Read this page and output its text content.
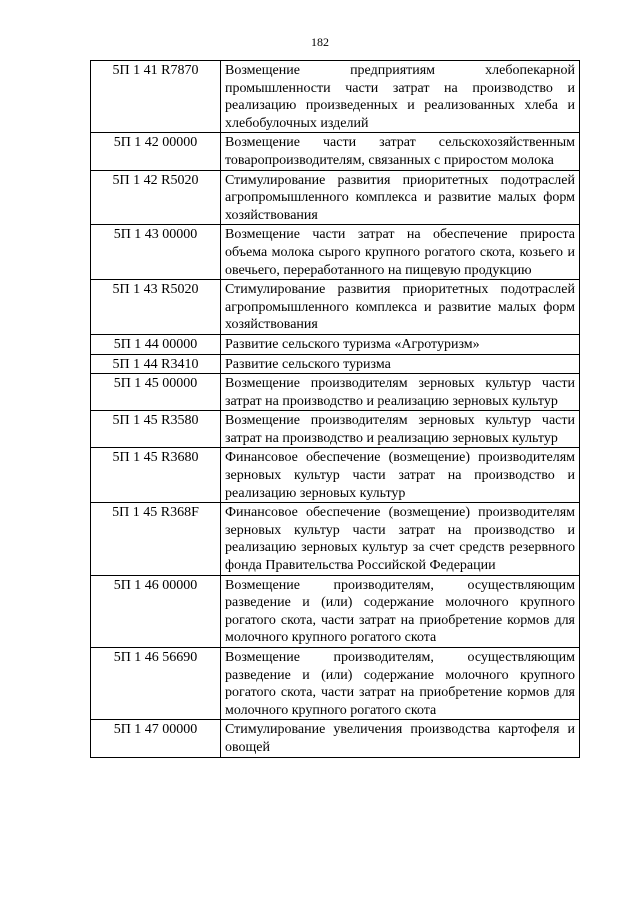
182
5П 1 41 R7870	Возмещение предприятиям хлебопекарной промышленности части затрат на производство и реализацию произведенных и реализованных хлеба и хлебобулочных изделий
5П 1 42 00000	Возмещение части затрат сельскохозяйственным товаропроизводителям, связанных с приростом молока
5П 1 42 R5020	Стимулирование развития приоритетных подотраслей агропромышленного комплекса и развитие малых форм хозяйствования
5П 1 43 00000	Возмещение части затрат на обеспечение прироста объема молока сырого крупного рогатого скота, козьего и овечьего, переработанного на пищевую продукцию
5П 1 43 R5020	Стимулирование развития приоритетных подотраслей агропромышленного комплекса и развитие малых форм хозяйствования
5П 1 44 00000	Развитие сельского туризма «Агротуризм»
5П 1 44 R3410	Развитие сельского туризма
5П 1 45 00000	Возмещение производителям зерновых культур части затрат на производство и реализацию зерновых культур
5П 1 45 R3580	Возмещение производителям зерновых культур части затрат на производство и реализацию зерновых культур
5П 1 45 R3680	Финансовое обеспечение (возмещение) производителям зерновых культур части затрат на производство и реализацию зерновых культур
5П 1 45 R368F	Финансовое обеспечение (возмещение) производителям зерновых культур части затрат на производство и реализацию зерновых культур за счет средств резервного фонда Правительства Российской Федерации
5П 1 46 00000	Возмещение производителям, осуществляющим разведение и (или) содержание молочного крупного рогатого скота, части затрат на приобретение кормов для молочного крупного рогатого скота
5П 1 46 56690	Возмещение производителям, осуществляющим разведение и (или) содержание молочного крупного рогатого скота, части затрат на приобретение кормов для молочного крупного рогатого скота
5П 1 47 00000	Стимулирование увеличения производства картофеля и овощей
